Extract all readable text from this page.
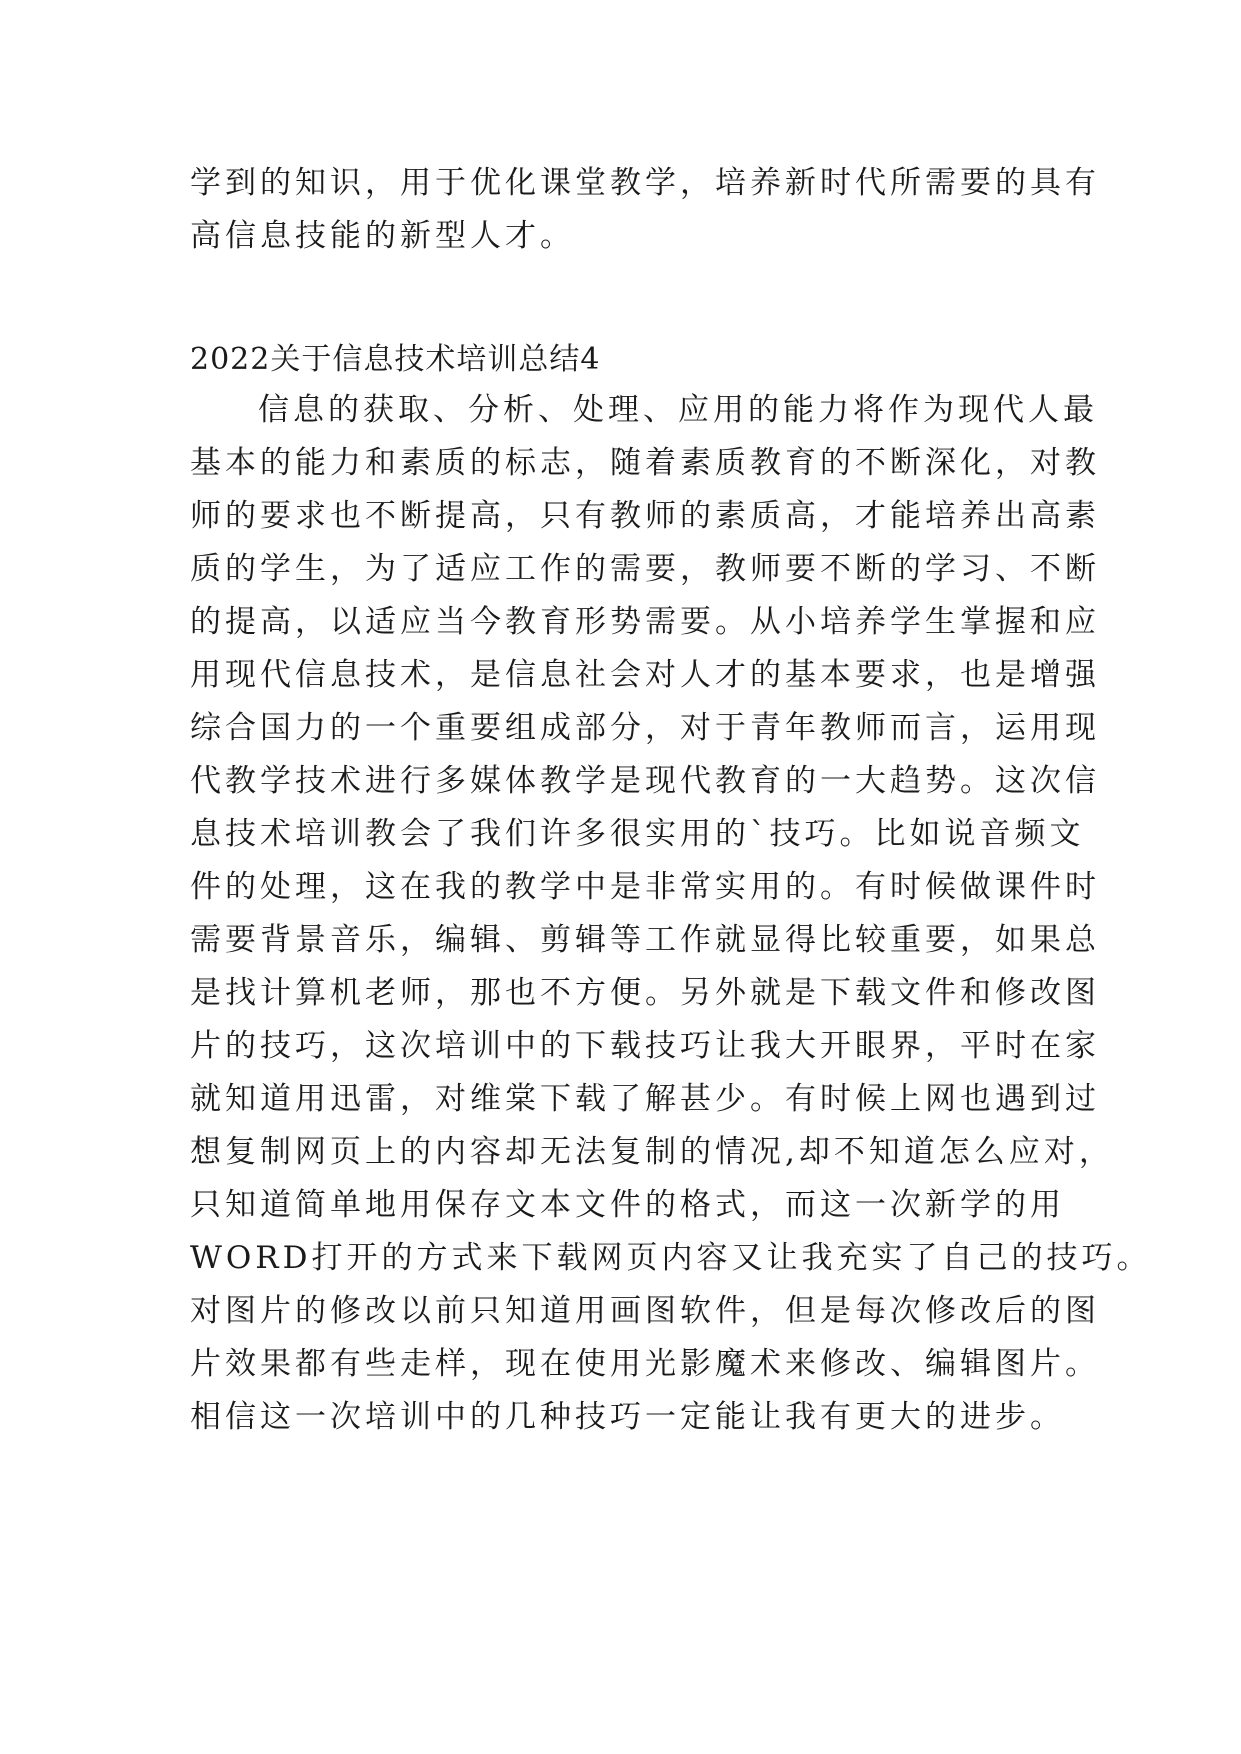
学到的知识，用于优化课堂教学，培养新时代所需要的具有
高信息技能的新型人才。
2022关于信息技术培训总结4
信息的获取、分析、处理、应用的能力将作为现代人最
基本的能力和素质的标志，随着素质教育的不断深化，对教
师的要求也不断提高，只有教师的素质高，才能培养出高素
质的学生，为了适应工作的需要，教师要不断的学习、不断
的提高，以适应当今教育形势需要。从小培养学生掌握和应
用现代信息技术，是信息社会对人才的基本要求，也是增强
综合国力的一个重要组成部分，对于青年教师而言，运用现
代教学技术进行多媒体教学是现代教育的一大趋势。这次信
息技术培训教会了我们许多很实用的`技巧。比如说音频文
件的处理，这在我的教学中是非常实用的。有时候做课件时
需要背景音乐，编辑、剪辑等工作就显得比较重要，如果总
是找计算机老师，那也不方便。另外就是下载文件和修改图
片的技巧，这次培训中的下载技巧让我大开眼界，平时在家
就知道用迅雷，对维棠下载了解甚少。有时候上网也遇到过
想复制网页上的内容却无法复制的情况,却不知道怎么应对，
只知道简单地用保存文本文件的格式，而这一次新学的用
WORD打开的方式来下载网页内容又让我充实了自己的技巧。
对图片的修改以前只知道用画图软件，但是每次修改后的图
片效果都有些走样，现在使用光影魔术来修改、编辑图片。
相信这一次培训中的几种技巧一定能让我有更大的进步。
